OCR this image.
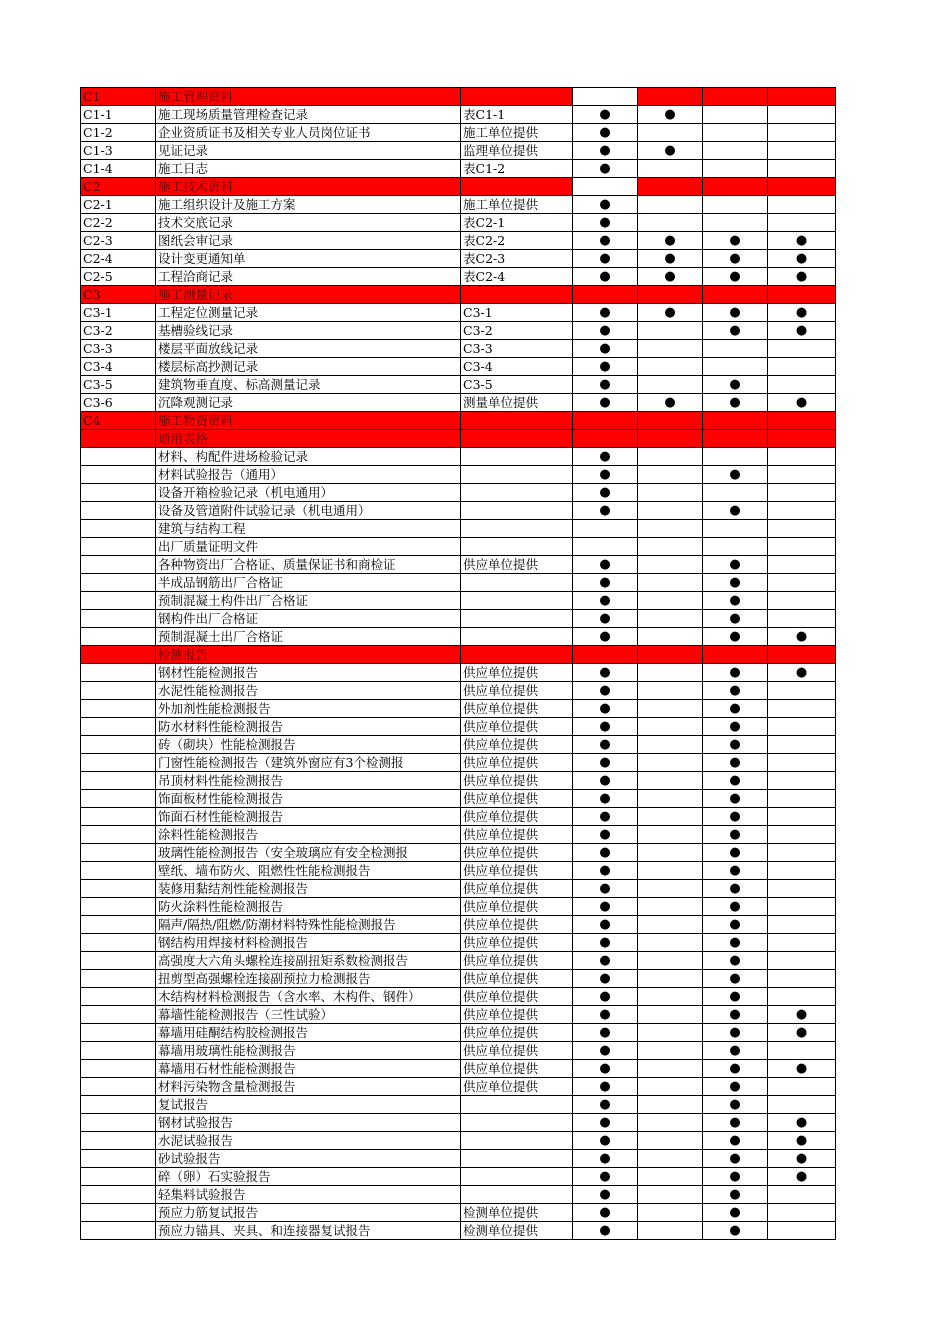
C1	施工管理资料					
C1-1	施工现场质量管理检查记录	表C1-1	●	●		
C1-2	企业资质证书及相关专业人员岗位证书	施工单位提供	●			
C1-3	见证记录	监理单位提供	●	●		
C1-4	施工日志	表C1-2	●			
C2	施工技术资料					
C2-1	施工组织设计及施工方案	施工单位提供	●			
C2-2	技术交底记录	表C2-1	●			
C2-3	图纸会审记录	表C2-2	●	●	●	●
C2-4	设计变更通知单	表C2-3	●	●	●	●
C2-5	工程洽商记录	表C2-4	●	●	●	●
C3	施工测量记录					
C3-1	工程定位测量记录	C3-1	●	●	●	●
C3-2	基槽验线记录	C3-2	●		●	●
C3-3	楼层平面放线记录	C3-3	●			
C3-4	楼层标高抄测记录	C3-4	●			
C3-5	建筑物垂直度、标高测量记录	C3-5	●		●	
C3-6	沉降观测记录	测量单位提供	●	●	●	●
C4	施工物资资料					
	通用表格					
	材料、构配件进场检验记录		●			
	材料试验报告（通用）		●		●	
	设备开箱检验记录（机电通用）		●			
	设备及管道附件试验记录（机电通用）		●		●	
	建筑与结构工程					
	出厂质量证明文件					
	各种物资出厂合格证、质量保证书和商检证	供应单位提供	●		●	
	半成品钢筋出厂合格证		●		●	
	预制混凝土构件出厂合格证		●		●	
	钢构件出厂合格证		●		●	
	预制混凝土出厂合格证		●		●	●
	检测报告					
	钢材性能检测报告	供应单位提供	●		●	●
	水泥性能检测报告	供应单位提供	●		●	
	外加剂性能检测报告	供应单位提供	●		●	
	防水材料性能检测报告	供应单位提供	●		●	
	砖（砌块）性能检测报告	供应单位提供	●		●	
	门窗性能检测报告（建筑外窗应有3个检测报	供应单位提供	●		●	
	吊顶材料性能检测报告	供应单位提供	●		●	
	饰面板材性能检测报告	供应单位提供	●		●	
	饰面石材性能检测报告	供应单位提供	●		●	
	涂料性能检测报告	供应单位提供	●		●	
	玻璃性能检测报告（安全玻璃应有安全检测报	供应单位提供	●		●	
	壁纸、墙布防火、阻燃性性能检测报告	供应单位提供	●		●	
	装修用黏结剂性能检测报告	供应单位提供	●		●	
	防火涂料性能检测报告	供应单位提供	●		●	
	隔声/隔热/阻燃/防潮材料特殊性能检测报告	供应单位提供	●		●	
	钢结构用焊接材料检测报告	供应单位提供	●		●	
	高强度大六角头螺栓连接副扭矩系数检测报告	供应单位提供	●		●	
	扭剪型高强螺栓连接副预拉力检测报告	供应单位提供	●		●	
	木结构材料检测报告（含水率、木构件、钢件）	供应单位提供	●		●	
	幕墙性能检测报告（三性试验）	供应单位提供	●		●	●
	幕墙用硅酮结构胶检测报告	供应单位提供	●		●	●
	幕墙用玻璃性能检测报告	供应单位提供	●		●	
	幕墙用石材性能检测报告	供应单位提供	●		●	●
	材料污染物含量检测报告	供应单位提供	●		●	
	复试报告		●		●	
	钢材试验报告		●		●	●
	水泥试验报告		●		●	●
	砂试验报告		●		●	●
	碎（卵）石实验报告		●		●	●
	轻集料试验报告		●		●	
	预应力筋复试报告	检测单位提供	●		●	
	预应力锚具、夹具、和连接器复试报告	检测单位提供	●		●	
